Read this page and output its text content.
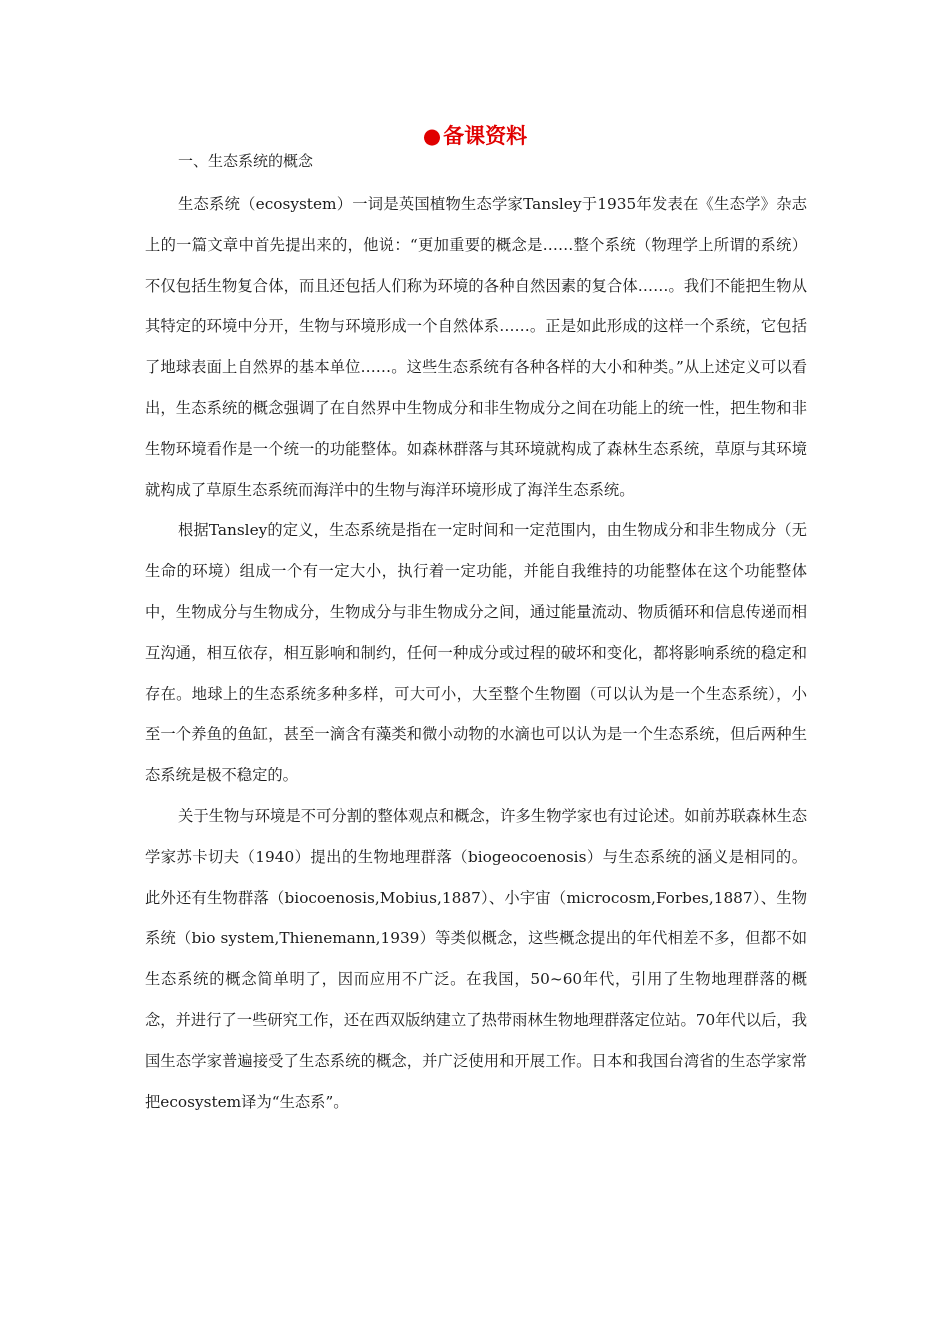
●备课资料
一、生态系统的概念

生态系统（ecosystem）一词是英国植物生态学家Tansley于1935年发表在《生态学》杂志上的一篇文章中首先提出来的，他说：“更加重要的概念是……整个系统（物理学上所谓的系统）不仅包括生物复合体，而且还包括人们称为环境的各种自然因素的复合体……。我们不能把生物从其特定的环境中分开，生物与环境形成一个自然体系……。正是如此形成的这样一个系统，它包括了地球表面上自然界的基本单位……。这些生态系统有各种各样的大小和种类。”从上述定义可以看出，生态系统的概念强调了在自然界中生物成分和非生物成分之间在功能上的统一性，把生物和非生物环境看作是一个统一的功能整体。如森林群落与其环境就构成了森林生态系统，草原与其环境就构成了草原生态系统而海洋中的生物与海洋环境形成了海洋生态系统。

根据Tansley的定义，生态系统是指在一定时间和一定范围内，由生物成分和非生物成分（无生命的环境）组成一个有一定大小，执行着一定功能，并能自我维持的功能整体在这个功能整体中，生物成分与生物成分，生物成分与非生物成分之间，通过能量流动、物质循环和信息传递而相互沟通，相互依存，相互影响和制约，任何一种成分或过程的破坏和变化，都将影响系统的稳定和存在。地球上的生态系统多种多样，可大可小，大至整个生物圈（可以认为是一个生态系统），小至一个养鱼的鱼缸，甚至一滴含有藻类和微小动物的水滴也可以认为是一个生态系统，但后两种生态系统是极不稳定的。

关于生物与环境是不可分割的整体观点和概念，许多生物学家也有过论述。如前苏联森林生态学家苏卡切夫（1940）提出的生物地理群落（biogeocoenosis）与生态系统的涵义是相同的。此外还有生物群落（biocoenosis,Mobius,1887）、小宇宙（microcosm,Forbes,1887）、生物系统（bio system,Thienemann,1939）等类似概念，这些概念提出的年代相差不多，但都不如生态系统的概念简单明了，因而应用不广泛。在我国，50~60年代，引用了生物地理群落的概念，并进行了一些研究工作，还在西双版纳建立了热带雨林生物地理群落定位站。70年代以后，我国生态学家普遍接受了生态系统的概念，并广泛使用和开展工作。日本和我国台湾省的生态学家常把ecosystem译为“生态系”。
